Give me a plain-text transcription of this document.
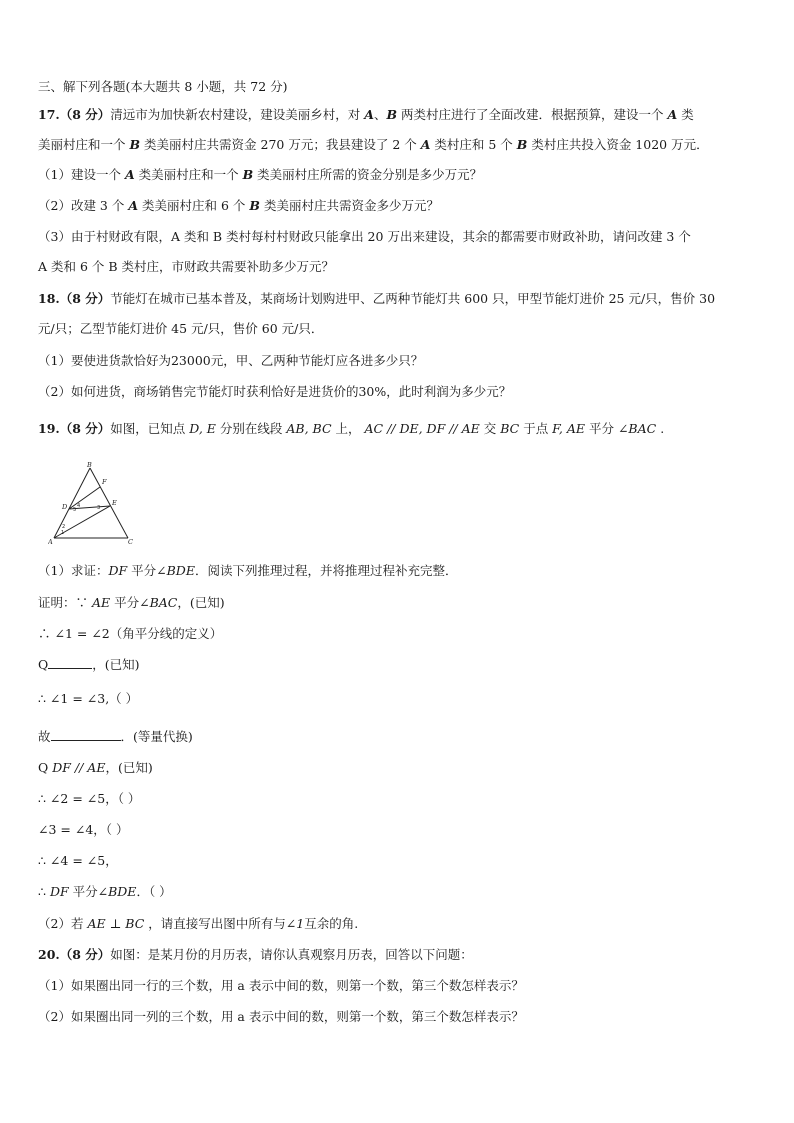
三、解下列各题(本大题共 8 小题，共 72 分)
17.（8 分）清远市为加快新农村建设，建设美丽乡村，对 A、B 两类村庄进行了全面改建．根据预算，建设一个 A 类
美丽村庄和一个 B 类美丽村庄共需资金 270 万元；我县建设了 2 个 A 类村庄和 5 个 B 类村庄共投入资金 1020 万元．
（1）建设一个 A 类美丽村庄和一个 B 类美丽村庄所需的资金分别是多少万元？
（2）改建 3 个 A 类美丽村庄和 6 个 B 类美丽村庄共需资金多少万元？
（3）由于村财政有限，A 类和 B 类村每村村财政只能拿出 20 万出来建设，其余的都需要市财政补助，请问改建 3 个
A 类和 6 个 B 类村庄，市财政共需要补助多少万元？
18.（8 分）节能灯在城市已基本普及，某商场计划购进甲、乙两种节能灯共 600 只，甲型节能灯进价 25 元/只，售价 30
元/只；乙型节能灯进价 45 元/只，售价 60 元/只．
（1）要使进货款恰好为23000元，甲、乙两种节能灯应各进多少只？
（2）如何进货，商场销售完节能灯时获利恰好是进货价的30%，此时利润为多少元？
19.（8 分）如图，已知点 D, E 分别在线段 AB, BC 上， AC // DE, DF // AE 交 BC 于点 F, AE 平分 ∠BAC .
B
F
D	E
A	C
1
2
3
4
5
（1）求证：DF 平分∠BDE．阅读下列推理过程，并将推理过程补充完整．
证明：∵ AE 平分∠BAC，(已知)
∴ ∠1 = ∠2（角平分线的定义）
Q	，(已知)
∴ ∠1 = ∠3,（ ）
故	．(等量代换)
Q DF // AE，(已知)
∴ ∠2 = ∠5，（ ）
∠3 = ∠4，（ ）
∴ ∠4 = ∠5，
∴ DF 平分∠BDE．（ ）
（2）若 AE ⊥ BC ，请直接写出图中所有与∠1互余的角.
20.（8 分）如图：是某月份的月历表，请你认真观察月历表，回答以下问题：
（1）如果圈出同一行的三个数，用 a 表示中间的数，则第一个数，第三个数怎样表示？
（2）如果圈出同一列的三个数，用 a 表示中间的数，则第一个数，第三个数怎样表示？
